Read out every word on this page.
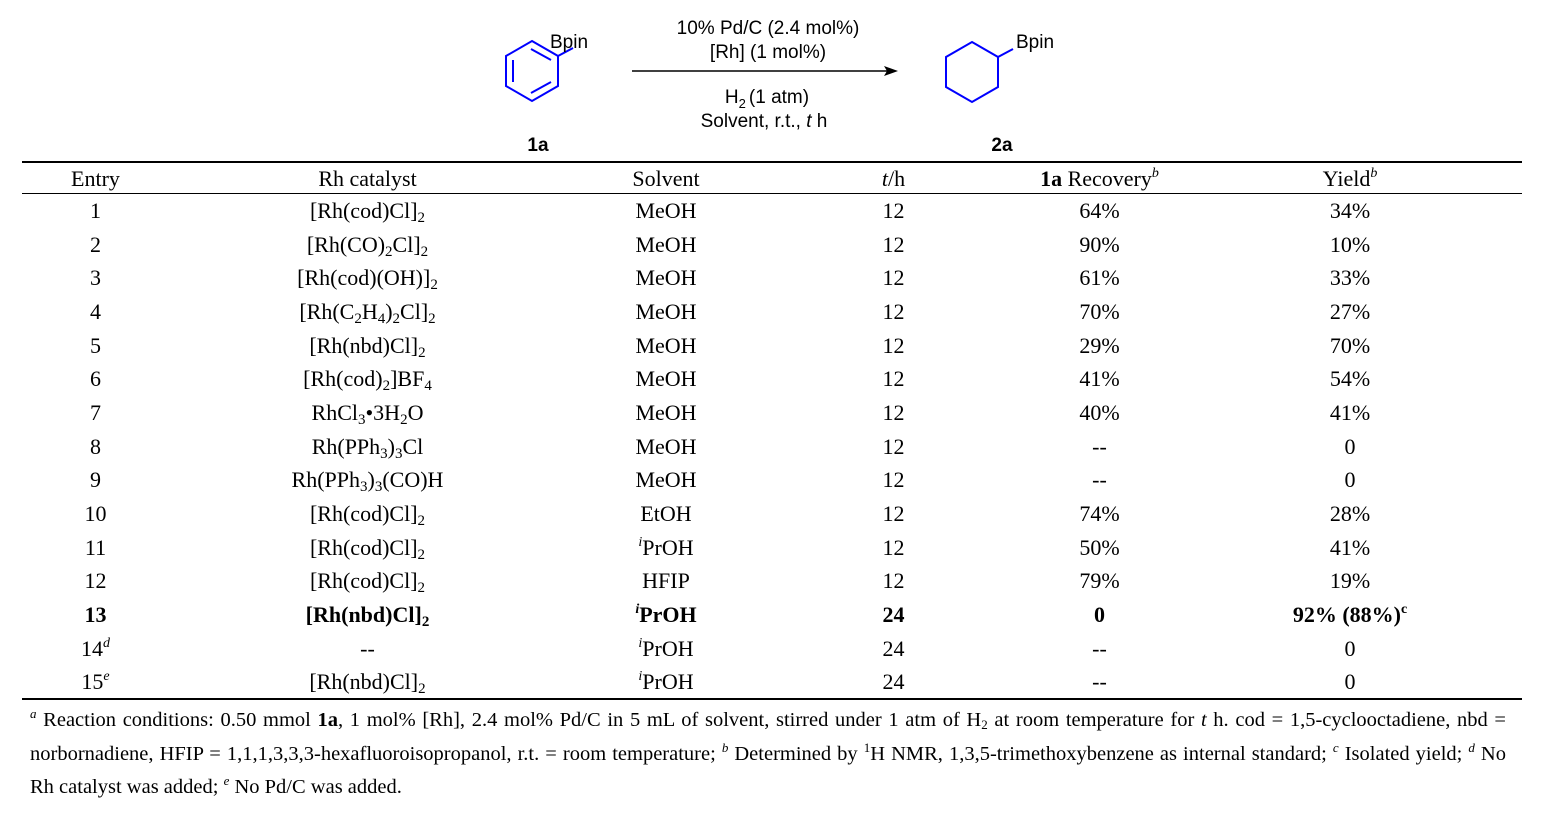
Bpin
1a
10% Pd/C (2.4 mol%)
[Rh] (1 mol%)
$H_2$ (1 atm)
Solvent, r.t., t h
Bpin
2a
Entry	Rh catalyst	Solvent	t/h	1a Recovery$^b$	Yield$^b$
1	$[Rh(cod)Cl]_2$	MeOH	12	64%	34%
2	$[Rh(CO)_2Cl]_2$	MeOH	12	90%	10%
3	$[Rh(cod)(OH)]_2$	MeOH	12	61%	33%
4	$[Rh(C_2H_4)_2Cl]_2$	MeOH	12	70%	27%
5	$[Rh(nbd)Cl]_2$	MeOH	12	29%	70%
6	$[Rh(cod)_2]BF_4$	MeOH	12	41%	54%
7	$RhCl_3•3H_2O$	MeOH	12	40%	41%
8	$Rh(PPh_3)_3Cl$	MeOH	12	--	0
9	$Rh(PPh_3)_3(CO)H$	MeOH	12	--	0
10	$[Rh(cod)Cl]_2$	EtOH	12	74%	28%
11	$[Rh(cod)Cl]_2$	$^i$PrOH	12	50%	41%
12	$[Rh(cod)Cl]_2$	HFIP	12	79%	19%
13	$[Rh(nbd)Cl]_2$	$^i$PrOH	24	0	92% $(88\%)^c$
14$^d$	--	$^i$PrOH	24	--	0
15e	$[Rh(nbd)Cl]_2$	$^i$PrOH	24	--	0
$^a$ Reaction conditions: 0.50 mmol 1a, 1 mol% [Rh], 2.4 mol% Pd/C in 5 mL of solvent, stirred under 1 atm of $H_2$ at room temperature for t h. cod = 1,5-cyclooctadiene, nbd = norbornadiene, HFIP = 1,1,1,3,3,3-hexafluoroisopropanol, r.t. = room temperature; $^b$ Determined by $^1$H NMR, 1,3,5-trimethoxybenzene as internal standard; $^c$ Isolated yield; $^d$ No Rh catalyst was added; $^e$ No Pd/C was added.
